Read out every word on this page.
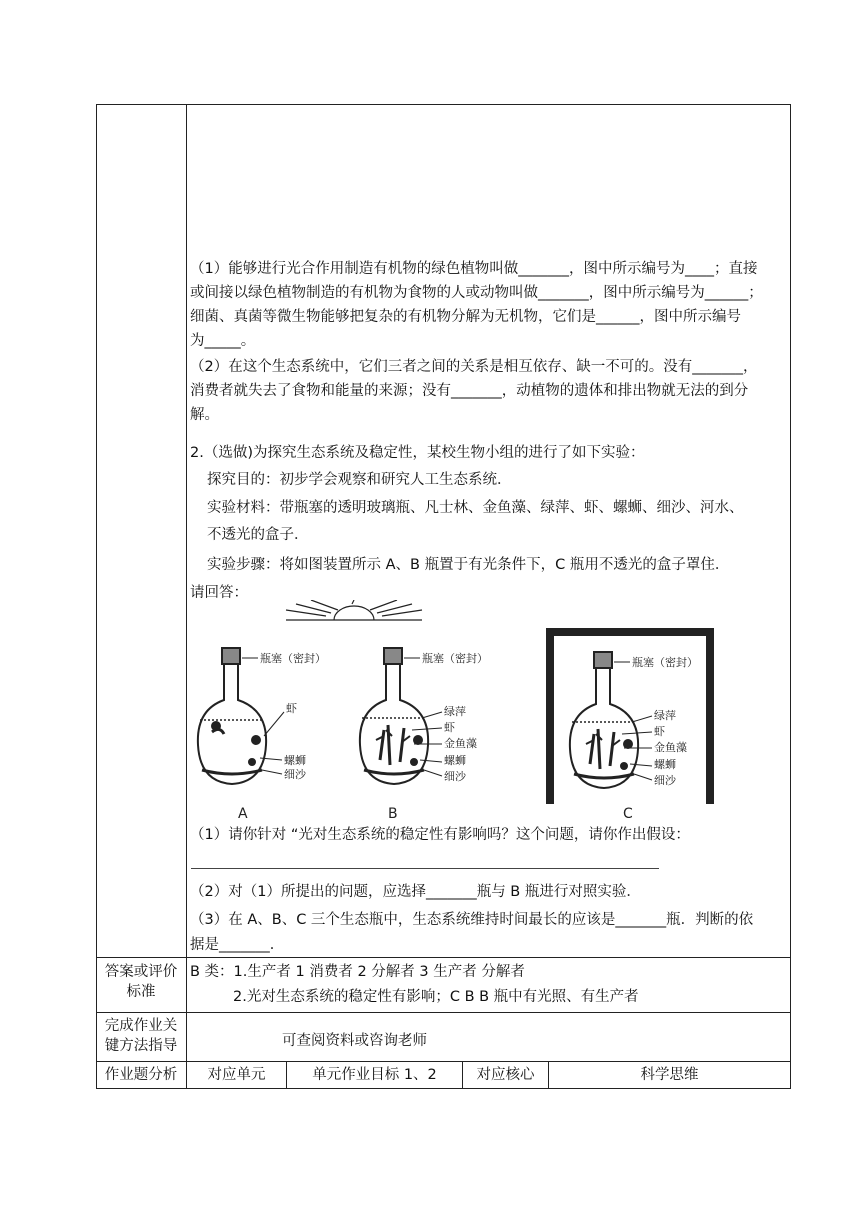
（1）能够进行光合作用制造有机物的绿色植物叫做_______，图中所示编号为____；直接
或间接以绿色植物制造的有机物为食物的人或动物叫做_______，图中所示编号为______；
细菌、真菌等微生物能够把复杂的有机物分解为无机物，它们是______，图中所示编号
为_____。
（2）在这个生态系统中，它们三者之间的关系是相互依存、缺一不可的。没有_______，
消费者就失去了食物和能量的来源；没有_______，动植物的遗体和排出物就无法的到分
解。
2.（选做)为探究生态系统及稳定性，某校生物小组的进行了如下实验：
探究目的：初步学会观察和研究人工生态系统．
实验材料：带瓶塞的透明玻璃瓶、凡士林、金鱼藻、绿萍、虾、螺蛳、细沙、河水、
不透光的盒子．
实验步骤：将如图装置所示 A、B 瓶置于有光条件下，C 瓶用不透光的盒子罩住．
请回答：
瓶塞（密封）
虾
螺蛳
细沙
A
瓶塞（密封）
绿萍
虾
金鱼藻
螺蛳
细沙
B
瓶塞（密封）
绿萍
虾
金鱼藻
螺蛳
细沙
C
（1）请你针对 “光对生态系统的稳定性有影响吗？这个问题，请你作出假设：
（2）对（1）所提出的问题，应选择_______瓶与 B 瓶进行对照实验．
（3）在 A、B、C 三个生态瓶中，生态系统维持时间最长的应该是_______瓶．判断的依
据是_______．
答案或评价
标准
B 类：1.生产者 1 消费者 2 分解者 3 生产者 分解者
2.光对生态系统的稳定性有影响；C B B 瓶中有光照、有生产者
完成作业关
键方法指导	可查阅资料或咨询老师
作业题分析	对应单元	单元作业目标 1、2	对应核心	科学思维
